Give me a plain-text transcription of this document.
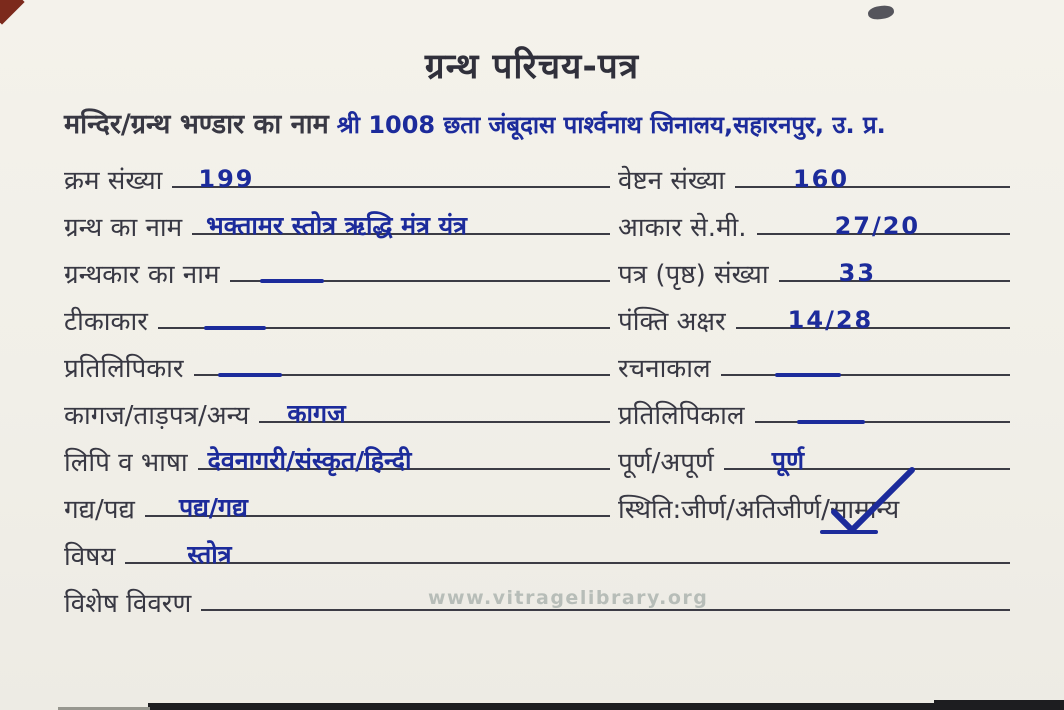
ग्रन्थ परिचय-पत्र
मन्दिर/ग्रन्थ भण्डार का नाम श्री 1008 छता जंबूदास पार्श्वनाथ जिनालय,सहारनपुर, उ. प्र.
क्रम संख्या 199	वेष्टन संख्या	160
ग्रन्थ का नाम भक्तामर स्तोत्र ऋद्धि मंत्र यंत्र	आकार से.मी.	27/20
ग्रन्थकार का नाम	पत्र (पृष्ठ) संख्या	33
टीकाकार	पंक्ति अक्षर	14/28
प्रतिलिपिकार	रचनाकाल
कागज/ताड़पत्र/अन्य कागज	प्रतिलिपिकाल
लिपि व भाषा देवनागरी/संस्कृत/हिन्दी	पूर्ण/अपूर्ण पूर्ण
गद्य/पद्य पद्य/गद्य	स्थिति:जीर्ण/अतिजीर्ण/ सामान्य
विषय	स्तोत्र
विशेष विवरण	www.vitragelibrary.org
